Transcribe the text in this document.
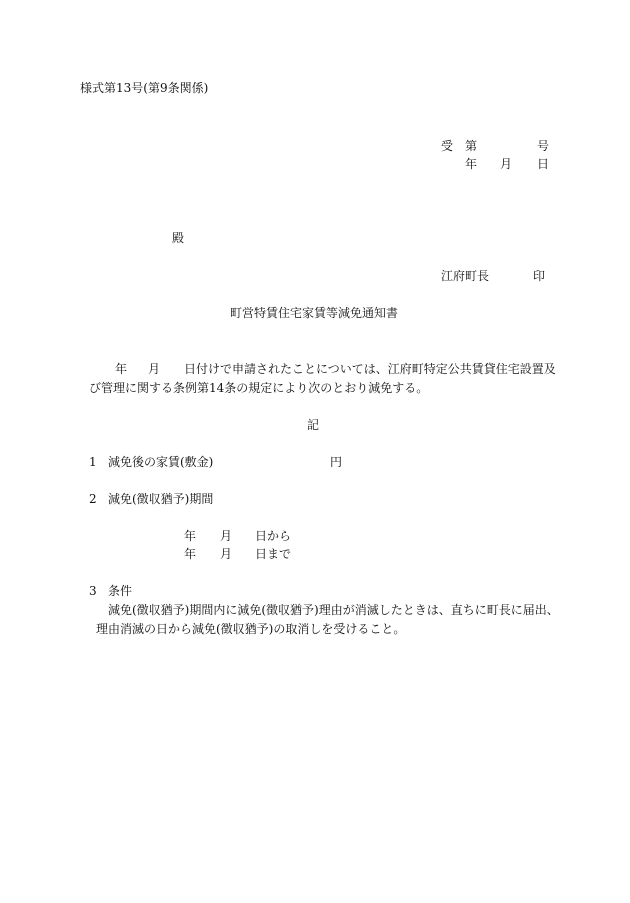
様式第13号(第9条関係)
受 第	号
年 月 日
殿
江府町長	印
町営特賃住宅家賃等減免通知書
年 月 日付けで申請されたことについては、江府町特定公共賃貸住宅設置及
び管理に関する条例第14条の規定により次のとおり減免する。
記
1 減免後の家賃(敷金)	円
2 減免(徴収猶予)期間
年 月 日から
年 月 日まで
3 条件
減免(徴収猶予)期間内に減免(徴収猶予)理由が消滅したときは、直ちに町長に届出、
理由消滅の日から減免(徴収猶予)の取消しを受けること。
